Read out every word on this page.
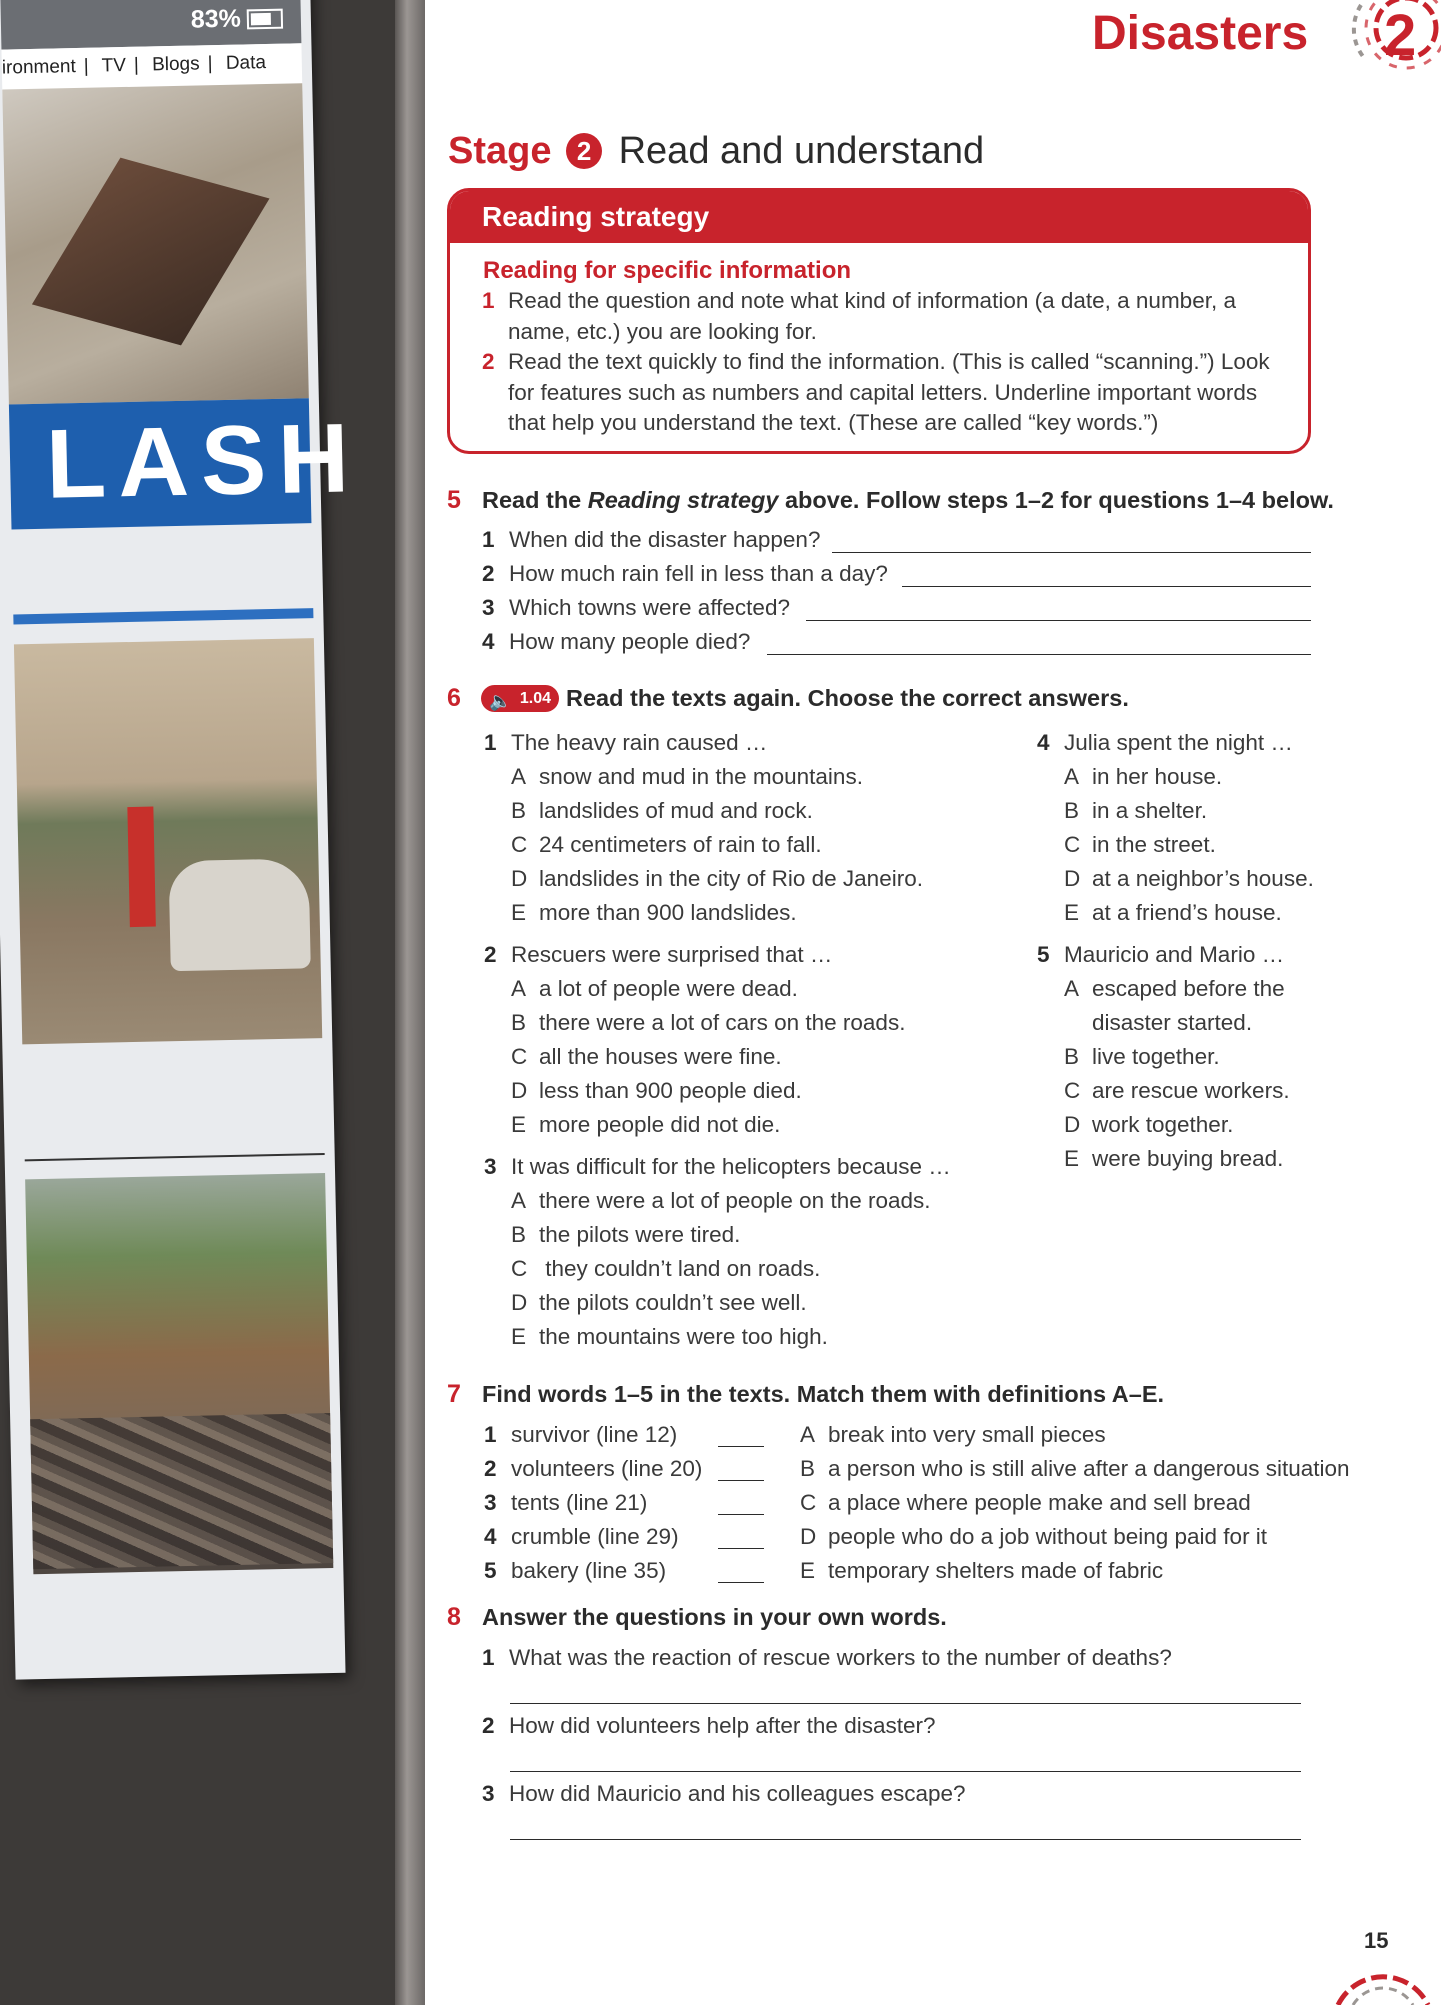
83%
ironment | TV | Blogs | Data
LASH
Disasters 2
Stage 2 Read and understand
Reading strategy
Reading for specific information
1 Read the question and note what kind of information (a date, a number, a name, etc.) you are looking for.
2 Read the text quickly to find the information. (This is called “scanning.”) Look for features such as numbers and capital letters. Underline important words that help you understand the text. (These are called “key words.”)
5 Read the Reading strategy above. Follow steps 1–2 for questions 1–4 below.
1 When did the disaster happen?
2 How much rain fell in less than a day?
3 Which towns were affected?
4 How many people died?
6 🔈 1.04 Read the texts again. Choose the correct answers.
1 The heavy rain caused …
A snow and mud in the mountains.
B landslides of mud and rock.
C 24 centimeters of rain to fall.
D landslides in the city of Rio de Janeiro.
E more than 900 landslides.
2 Rescuers were surprised that …
A a lot of people were dead.
B there were a lot of cars on the roads.
C all the houses were fine.
D less than 900 people died.
E more people did not die.
3 It was difficult for the helicopters because …
A there were a lot of people on the roads.
B the pilots were tired.
C they couldn’t land on roads.
D the pilots couldn’t see well.
E the mountains were too high.
4 Julia spent the night …
A in her house.
B in a shelter.
C in the street.
D at a neighbor’s house.
E at a friend’s house.
5 Mauricio and Mario …
A escaped before the
disaster started.
B live together.
C are rescue workers.
D work together.
E were buying bread.
7 Find words 1–5 in the texts. Match them with definitions A–E.
1 survivor (line 12)
2 volunteers (line 20)
3 tents (line 21)
4 crumble (line 29)
5 bakery (line 35)
A break into very small pieces
B a person who is still alive after a dangerous situation
C a place where people make and sell bread
D people who do a job without being paid for it
E temporary shelters made of fabric
8 Answer the questions in your own words.
1 What was the reaction of rescue workers to the number of deaths?
2 How did volunteers help after the disaster?
3 How did Mauricio and his colleagues escape?
15
